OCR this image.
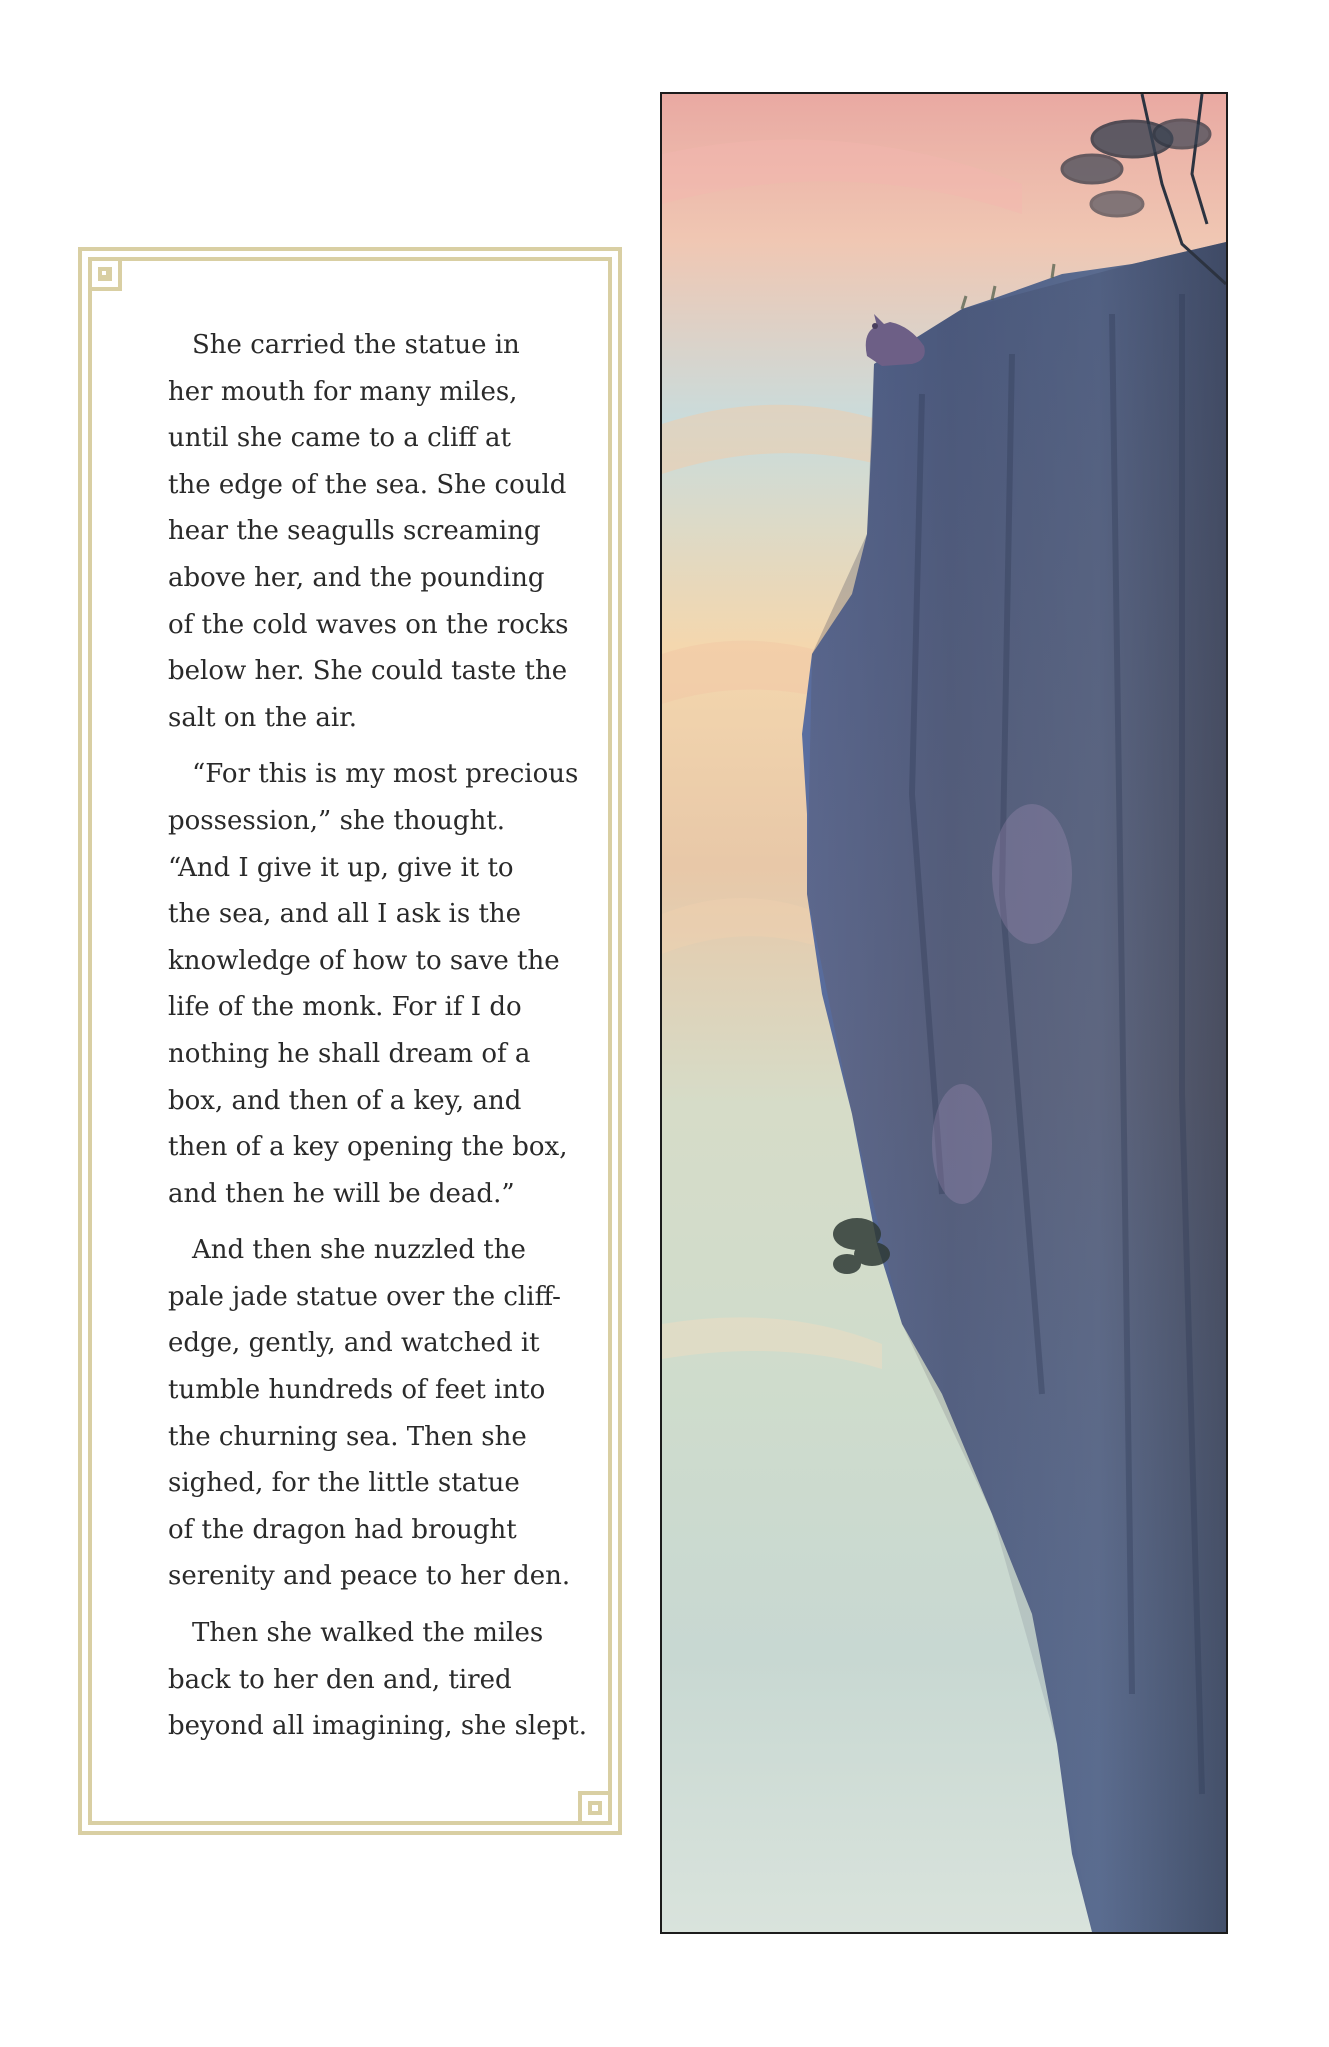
She carried the statue in
her mouth for many miles,
until she came to a cliff at
the edge of the sea. She could
hear the seagulls screaming
above her, and the pounding
of the cold waves on the rocks
below her. She could taste the
salt on the air.
“For this is my most precious
possession,” she thought.
“And I give it up, give it to
the sea, and all I ask is the
knowledge of how to save the
life of the monk. For if I do
nothing he shall dream of a
box, and then of a key, and
then of a key opening the box,
and then he will be dead.”
And then she nuzzled the
pale jade statue over the cliff-
edge, gently, and watched it
tumble hundreds of feet into
the churning sea. Then she
sighed, for the little statue
of the dragon had brought
serenity and peace to her den.
Then she walked the miles
back to her den and, tired
beyond all imagining, she slept.
